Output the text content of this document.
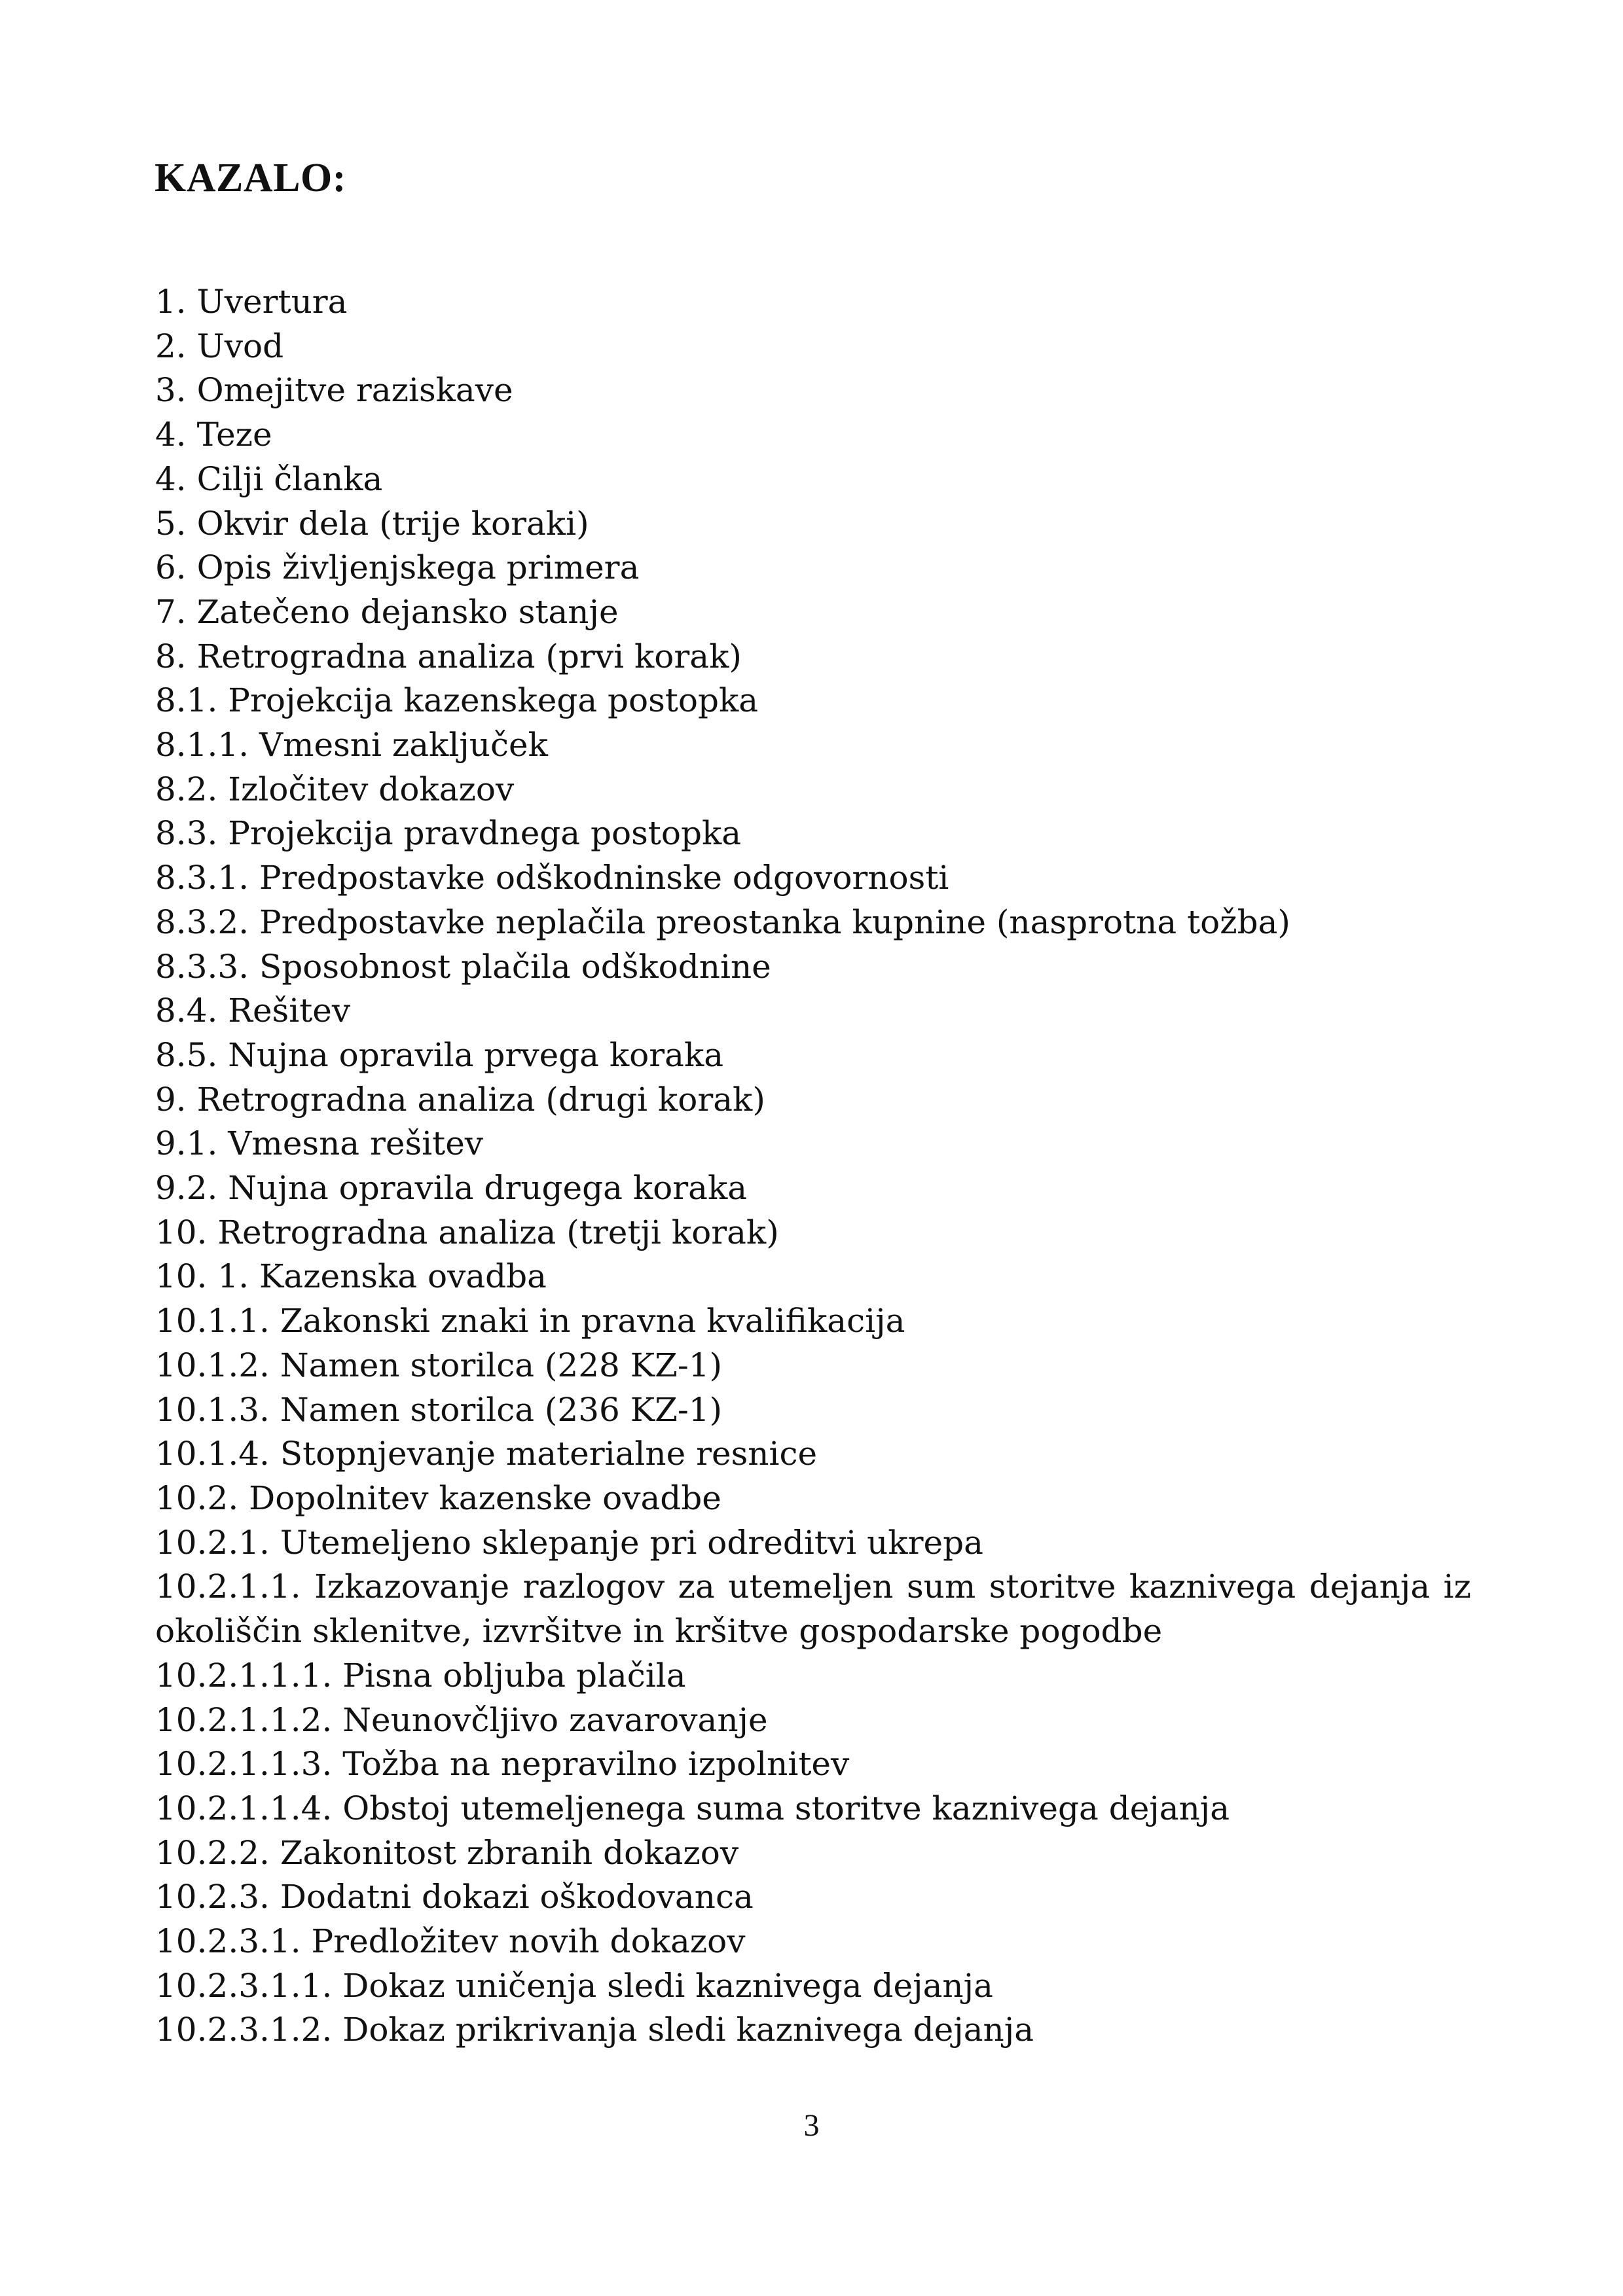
KAZALO:
1. Uvertura
2. Uvod
3. Omejitve raziskave
4. Teze
4. Cilji članka
5. Okvir dela (trije koraki)
6. Opis življenjskega primera
7. Zatečeno dejansko stanje
8. Retrogradna analiza (prvi korak)
8.1. Projekcija kazenskega postopka
8.1.1. Vmesni zaključek
8.2. Izločitev dokazov
8.3. Projekcija pravdnega postopka
8.3.1. Predpostavke odškodninske odgovornosti
8.3.2. Predpostavke neplačila preostanka kupnine (nasprotna tožba)
8.3.3. Sposobnost plačila odškodnine
8.4. Rešitev
8.5. Nujna opravila prvega koraka
9. Retrogradna analiza (drugi korak)
9.1. Vmesna rešitev
9.2. Nujna opravila drugega koraka
10. Retrogradna analiza (tretji korak)
10. 1. Kazenska ovadba
10.1.1. Zakonski znaki in pravna kvalifikacija
10.1.2. Namen storilca (228 KZ-1)
10.1.3. Namen storilca (236 KZ-1)
10.1.4. Stopnjevanje materialne resnice
10.2. Dopolnitev kazenske ovadbe
10.2.1. Utemeljeno sklepanje pri odreditvi ukrepa
10.2.1.1. Izkazovanje razlogov za utemeljen sum storitve kaznivega dejanja iz okoliščin sklenitve, izvršitve in kršitve gospodarske pogodbe
10.2.1.1.1. Pisna obljuba plačila
10.2.1.1.2. Neunovčljivo zavarovanje
10.2.1.1.3. Tožba na nepravilno izpolnitev
10.2.1.1.4. Obstoj utemeljenega suma storitve kaznivega dejanja
10.2.2. Zakonitost zbranih dokazov
10.2.3. Dodatni dokazi oškodovanca
10.2.3.1. Predložitev novih dokazov
10.2.3.1.1. Dokaz uničenja sledi kaznivega dejanja
10.2.3.1.2. Dokaz prikrivanja sledi kaznivega dejanja
3
